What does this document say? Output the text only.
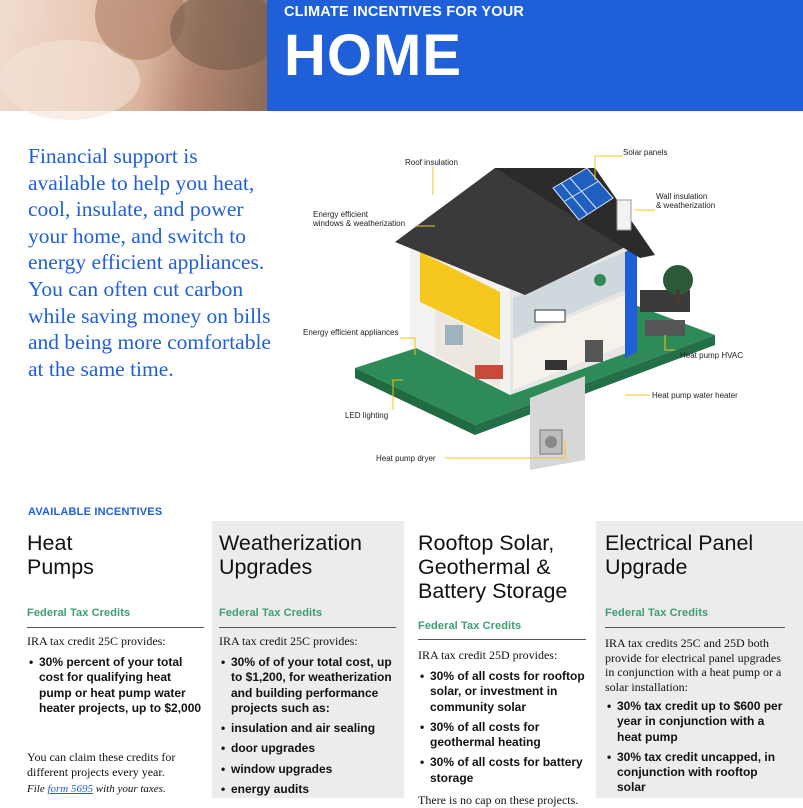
CLIMATE INCENTIVES FOR YOUR
HOME
Financial support is available to help you heat, cool, insulate, and power your home, and switch to energy efficient appliances. You can often cut carbon while saving money on bills and being more comfortable at the same time.
Roof insulation
Solar panels
Energy efficient
windows & weatherization
Wall insulation
& weatherization
Energy efficient appliances
Heat pump HVAC
Heat pump water heater
LED lighting
Heat pump dryer
AVAILABLE INCENTIVES
Heat
Pumps
Federal Tax Credits
IRA tax credit 25C provides:
• 30% percent of your total cost for qualifying heat pump or heat pump water heater projects, up to $2,000
You can claim these credits for different projects every year.
File form 5695 with your taxes.
Weatherization
Upgrades
Federal Tax Credits
IRA tax credit 25C provides:
• 30% of of your total cost, up to $1,200, for weatherization and building performance projects such as:
• insulation and air sealing
• door upgrades
• window upgrades
• energy audits
Rooftop Solar,
Geothermal &
Battery Storage
Federal Tax Credits
IRA tax credit 25D provides:
• 30% of all costs for rooftop solar, or investment in community solar
• 30% of all costs for geothermal heating
• 30% of all costs for battery storage
There is no cap on these projects.
Electrical Panel
Upgrade
Federal Tax Credits
IRA tax credits 25C and 25D both provide for electrical panel upgrades in conjunction with a heat pump or a solar installation:
• 30% tax credit up to $600 per year in conjunction with a heat pump
• 30% tax credit uncapped, in conjunction with rooftop solar
